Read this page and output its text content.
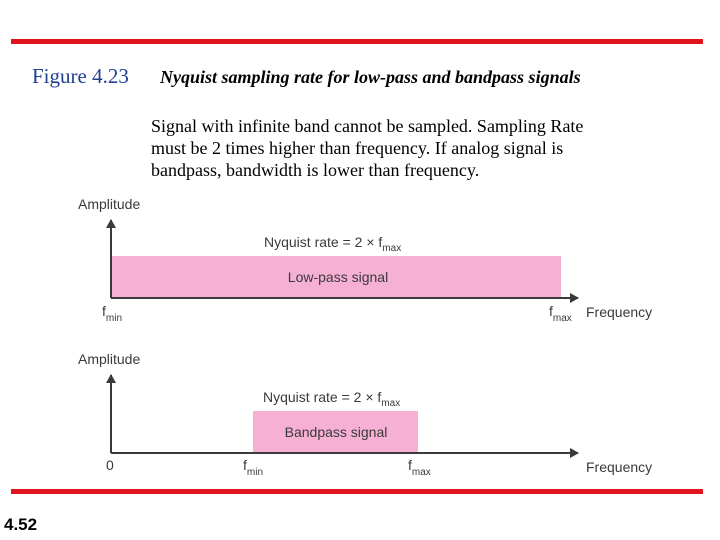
Figure 4.23 Nyquist sampling rate for low-pass and bandpass signals
Signal with infinite band cannot be sampled. Sampling Rate
must be 2 times higher than frequency. If analog signal is
bandpass, bandwidth is lower than frequency.
Amplitude
Frequency
Nyquist rate = $2 \times f_{max}$
Low-pass signal
$f_{min}$	$f_{max}$
Amplitude
Frequency
0
Nyquist rate = $2 \times f_{max}$
Bandpass signal
$f_{min}$	$f_{max}$
4.52
